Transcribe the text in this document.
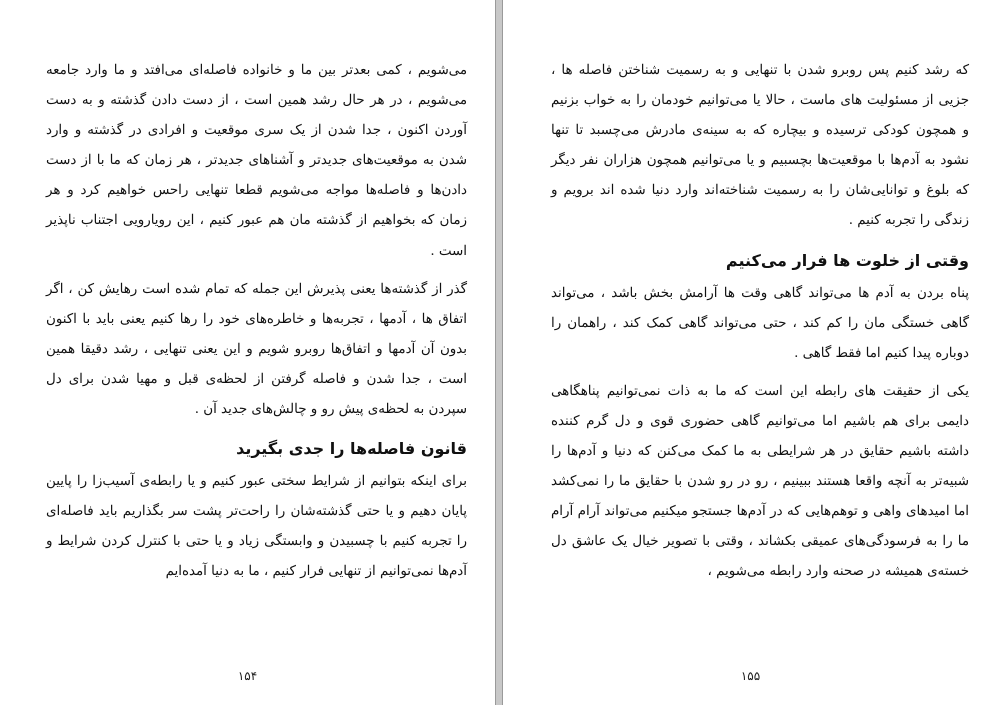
می‌شویم ، کمی بعدتر بین ما و خانواده فاصله‌ای می‌افتد و ما وارد جامعه می‌شویم ، در هر حال رشد همین است ، از دست دادن گذشته و به دست آوردن اکنون ، جدا شدن از یک سری موقعیت و افرادی در گذشته و وارد شدن به موقعیت‌های جدیدتر و آشناهای جدیدتر ، هر زمان که ما با از دست دادن‌ها و فاصله‌ها مواجه می‌شویم قطعا تنهایی راحس خواهیم کرد و هر زمان که بخواهیم از گذشته مان هم عبور کنیم ، این رویارویی اجتناب ناپذیر است .

گذر از گذشته‌ها یعنی پذیرش این جمله که تمام شده است رهایش کن ، اگر اتفاق ها ، آدمها ، تجربه‌ها و خاطره‌های خود را رها کنیم یعنی باید با اکنون بدون آن آدمها و اتفاق‌ها روبرو شویم و این یعنی تنهایی ، رشد دقیقا همین است ، جدا شدن و فاصله گرفتن از لحظه‌ی قبل و مهیا شدن برای دل سپردن به لحظه‌ی پیش رو و چالش‌های جدید آن .

قانون فاصله‌ها را جدی بگیرید

برای اینکه بتوانیم از شرایط سختی عبور کنیم و یا رابطه‌ی آسیب‌زا را پایین پایان دهیم و یا حتی گذشته‌شان را راحت‌تر پشت سر بگذاریم باید فاصله‌ای را تجربه کنیم با چسبیدن و وابستگی زیاد و یا حتی با کنترل کردن شرایط و آدم‌ها نمی‌توانیم از تنهایی فرار کنیم ، ما به دنیا آمده‌ایم

۱۵۴

که رشد کنیم پس روبرو شدن با تنهایی و به رسمیت شناختن فاصله ها ، جزیی از مسئولیت های ماست ، حالا یا می‌توانیم خودمان را به خواب بزنیم و همچون کودکی ترسیده و بیچاره که به سینه‌ی مادرش می‌چسبد تا تنها نشود به آدم‌ها با موقعیت‌ها بچسبیم و یا می‌توانیم همچون هزاران نفر دیگر که بلوغ و توانایی‌شان را به رسمیت شناخته‌اند وارد دنیا شده اند برویم و زندگی را تجربه کنیم .

وقتی از خلوت ها فرار می‌کنیم

پناه بردن به آدم ها می‌تواند گاهی وقت ها آرامش بخش باشد ، می‌تواند گاهی خستگی مان را کم کند ، حتی می‌تواند گاهی کمک کند ، راهمان را دوباره پیدا کنیم اما فقط گاهی .

یکی از حقیقت های رابطه این است که ما به ذات نمی‌توانیم پناهگاهی دایمی برای هم باشیم اما می‌توانیم گاهی حضوری قوی و دل گرم کننده داشته باشیم حقایق در هر شرایطی به ما کمک می‌کنن که دنیا و آدم‌ها را شبیه‌تر به آنچه واقعا هستند ببینیم ، رو در رو شدن با حقایق ما را نمی‌کشد اما امیدهای واهی و توهم‌هایی که در آدم‌ها جستجو میکنیم می‌تواند آرام آرام ما را به فرسودگی‌های عمیقی بکشاند ، وقتی با تصویر خیال یک عاشق دل خسته‌ی همیشه در صحنه وارد رابطه می‌شویم ،

۱۵۵
